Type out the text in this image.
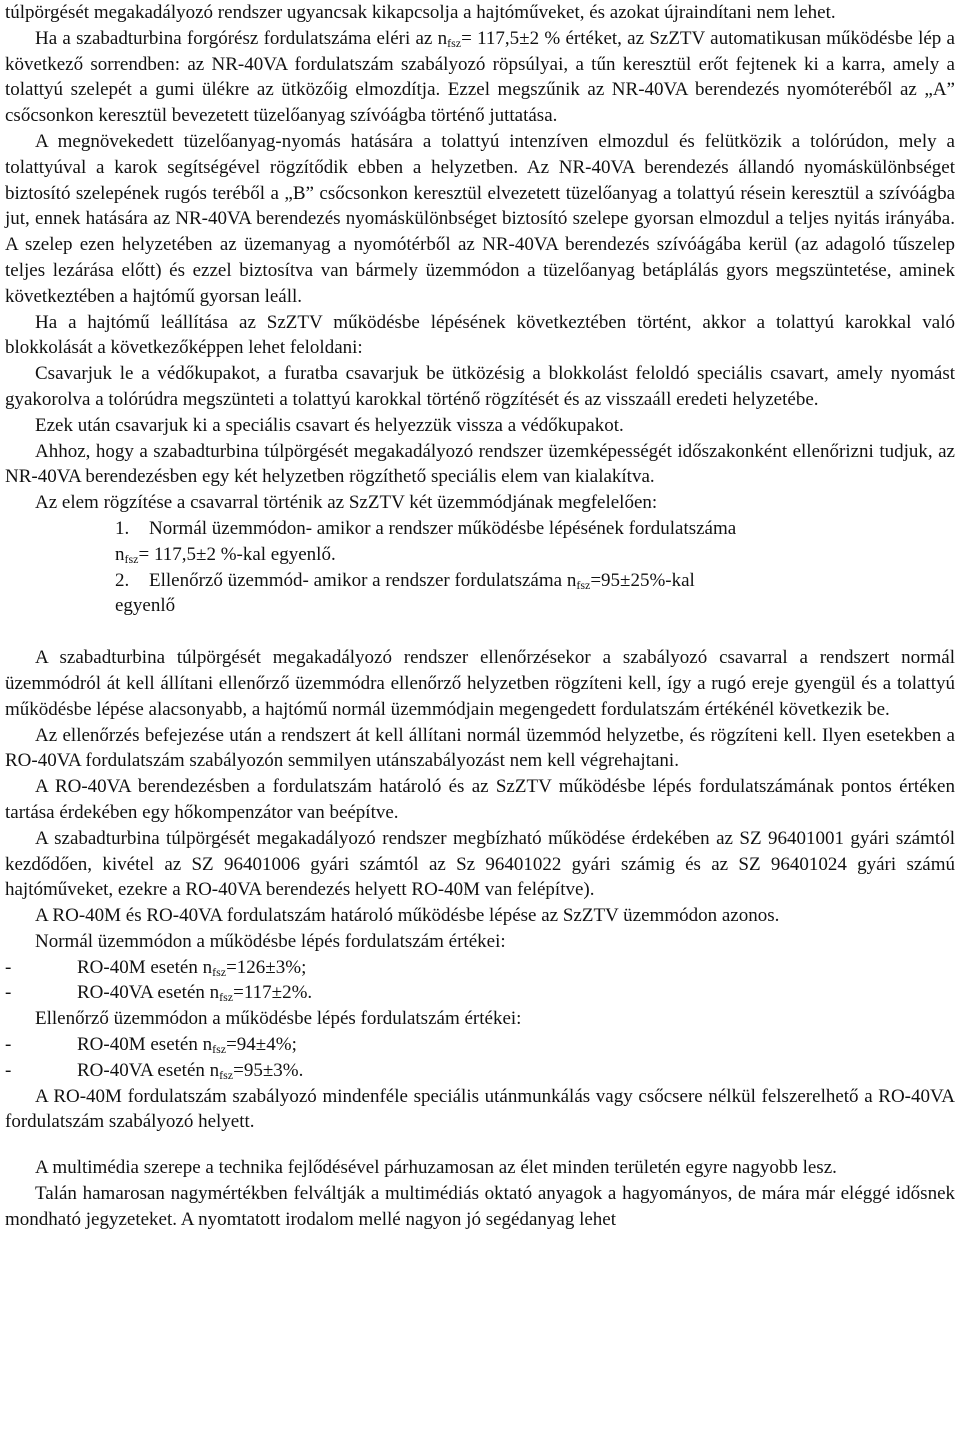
túlpörgését megakadályozó rendszer ugyancsak kikapcsolja a hajtóműveket, és azokat újraindítani nem lehet.

Ha a szabadturbina forgórész fordulatszáma eléri az $n_{fsz}= 117,5\pm 2$ % értéket, az SzZTV automatikusan működésbe lép a következő sorrendben: az NR-40VA fordulatszám szabályozó röpsúlyai, a tűn keresztül erőt fejtenek ki a karra, amely a tolattyú szelepét a gumi ülékre az ütközőig elmozdítja. Ezzel megszűnik az NR-40VA berendezés nyomóteréből az „A” csőcsonkon keresztül bevezetett tüzelőanyag szívóágba történő juttatása.

A megnövekedett tüzelőanyag-nyomás hatására a tolattyú intenzíven elmozdul és felütközik a tolórúdon, mely a tolattyúval a karok segítségével rögzítődik ebben a helyzetben. Az NR-40VA berendezés állandó nyomáskülönbséget biztosító szelepének rugós teréből a „B” csőcsonkon keresztül elvezetett tüzelőanyag a tolattyú résein keresztül a szívóágba jut, ennek hatására az NR-40VA berendezés nyomáskülönbséget biztosító szelepe gyorsan elmozdul a teljes nyitás irányába. A szelep ezen helyzetében az üzemanyag a nyomótérből az NR-40VA berendezés szívóágába kerül (az adagoló tűszelep teljes lezárása előtt) és ezzel biztosítva van bármely üzemmódon a tüzelőanyag betáplálás gyors megszüntetése, aminek következtében a hajtómű gyorsan leáll.

Ha a hajtómű leállítása az SzZTV működésbe lépésének következtében történt, akkor a tolattyú karokkal való blokkolását a következőképpen lehet feloldani:

Csavarjuk le a védőkupakot, a furatba csavarjuk be ütközésig a blokkolást feloldó speciális csavart, amely nyomást gyakorolva a tolórúdra megszünteti a tolattyú karokkal történő rögzítését és az visszaáll eredeti helyzetébe.

Ezek után csavarjuk ki a speciális csavart és helyezzük vissza a védőkupakot.

Ahhoz, hogy a szabadturbina túlpörgését megakadályozó rendszer üzemképességét időszakonként ellenőrizni tudjuk, az NR-40VA berendezésben egy két helyzetben rögzíthető speciális elem van kialakítva.

Az elem rögzítése a csavarral történik az SzZTV két üzemmódjának megfelelően:

1.	Normál üzemmódon- amikor a rendszer működésbe lépésének fordulatszáma
$n_{fsz}= 117,5\pm 2$ %-kal egyenlő.
2.	Ellenőrző üzemmód- amikor a rendszer fordulatszáma $n_{fsz}=95\pm 25\%$-kal
egyenlő

A szabadturbina túlpörgését megakadályozó rendszer ellenőrzésekor a szabályozó csavarral a rendszert normál üzemmódról át kell állítani ellenőrző üzemmódra ellenőrző helyzetben rögzíteni kell, így a rugó ereje gyengül és a tolattyú működésbe lépése alacsonyabb, a hajtómű normál üzemmódjain megengedett fordulatszám értékénél következik be.

Az ellenőrzés befejezése után a rendszert át kell állítani normál üzemmód helyzetbe, és rögzíteni kell. Ilyen esetekben a RO-40VA fordulatszám szabályozón semmilyen utánszabályozást nem kell végrehajtani.

A RO-40VA berendezésben a fordulatszám határoló és az SzZTV működésbe lépés fordulatszámának pontos értéken tartása érdekében egy hőkompenzátor van beépítve.

A szabadturbina túlpörgését megakadályozó rendszer megbízható működése érdekében az SZ 96401001 gyári számtól kezdődően, kivétel az SZ 96401006 gyári számtól az Sz 96401022 gyári számig és az SZ 96401024 gyári számú hajtóműveket, ezekre a RO-40VA berendezés helyett RO-40M van felépítve).

A RO-40M és RO-40VA fordulatszám határoló működésbe lépése az SzZTV üzemmódon azonos.

Normál üzemmódon a működésbe lépés fordulatszám értékei:

-	RO-40M esetén $n_{fsz}=126\pm 3\%$;
-	RO-40VA esetén $n_{fsz}=117\pm 2\%$.

Ellenőrző üzemmódon a működésbe lépés fordulatszám értékei:

-	RO-40M esetén $n_{fsz}=94\pm 4\%$;
-	RO-40VA esetén $n_{fsz}=95\pm 3\%$.

A RO-40M fordulatszám szabályozó mindenféle speciális utánmunkálás vagy csőcsere nélkül felszerelhető a RO-40VA fordulatszám szabályozó helyett.

A multimédia szerepe a technika fejlődésével párhuzamosan az élet minden területén egyre nagyobb lesz.

Talán hamarosan nagymértékben felváltják a multimédiás oktató anyagok a hagyományos, de mára már eléggé idősnek mondható jegyzeteket. A nyomtatott irodalom mellé nagyon jó segédanyag lehet
